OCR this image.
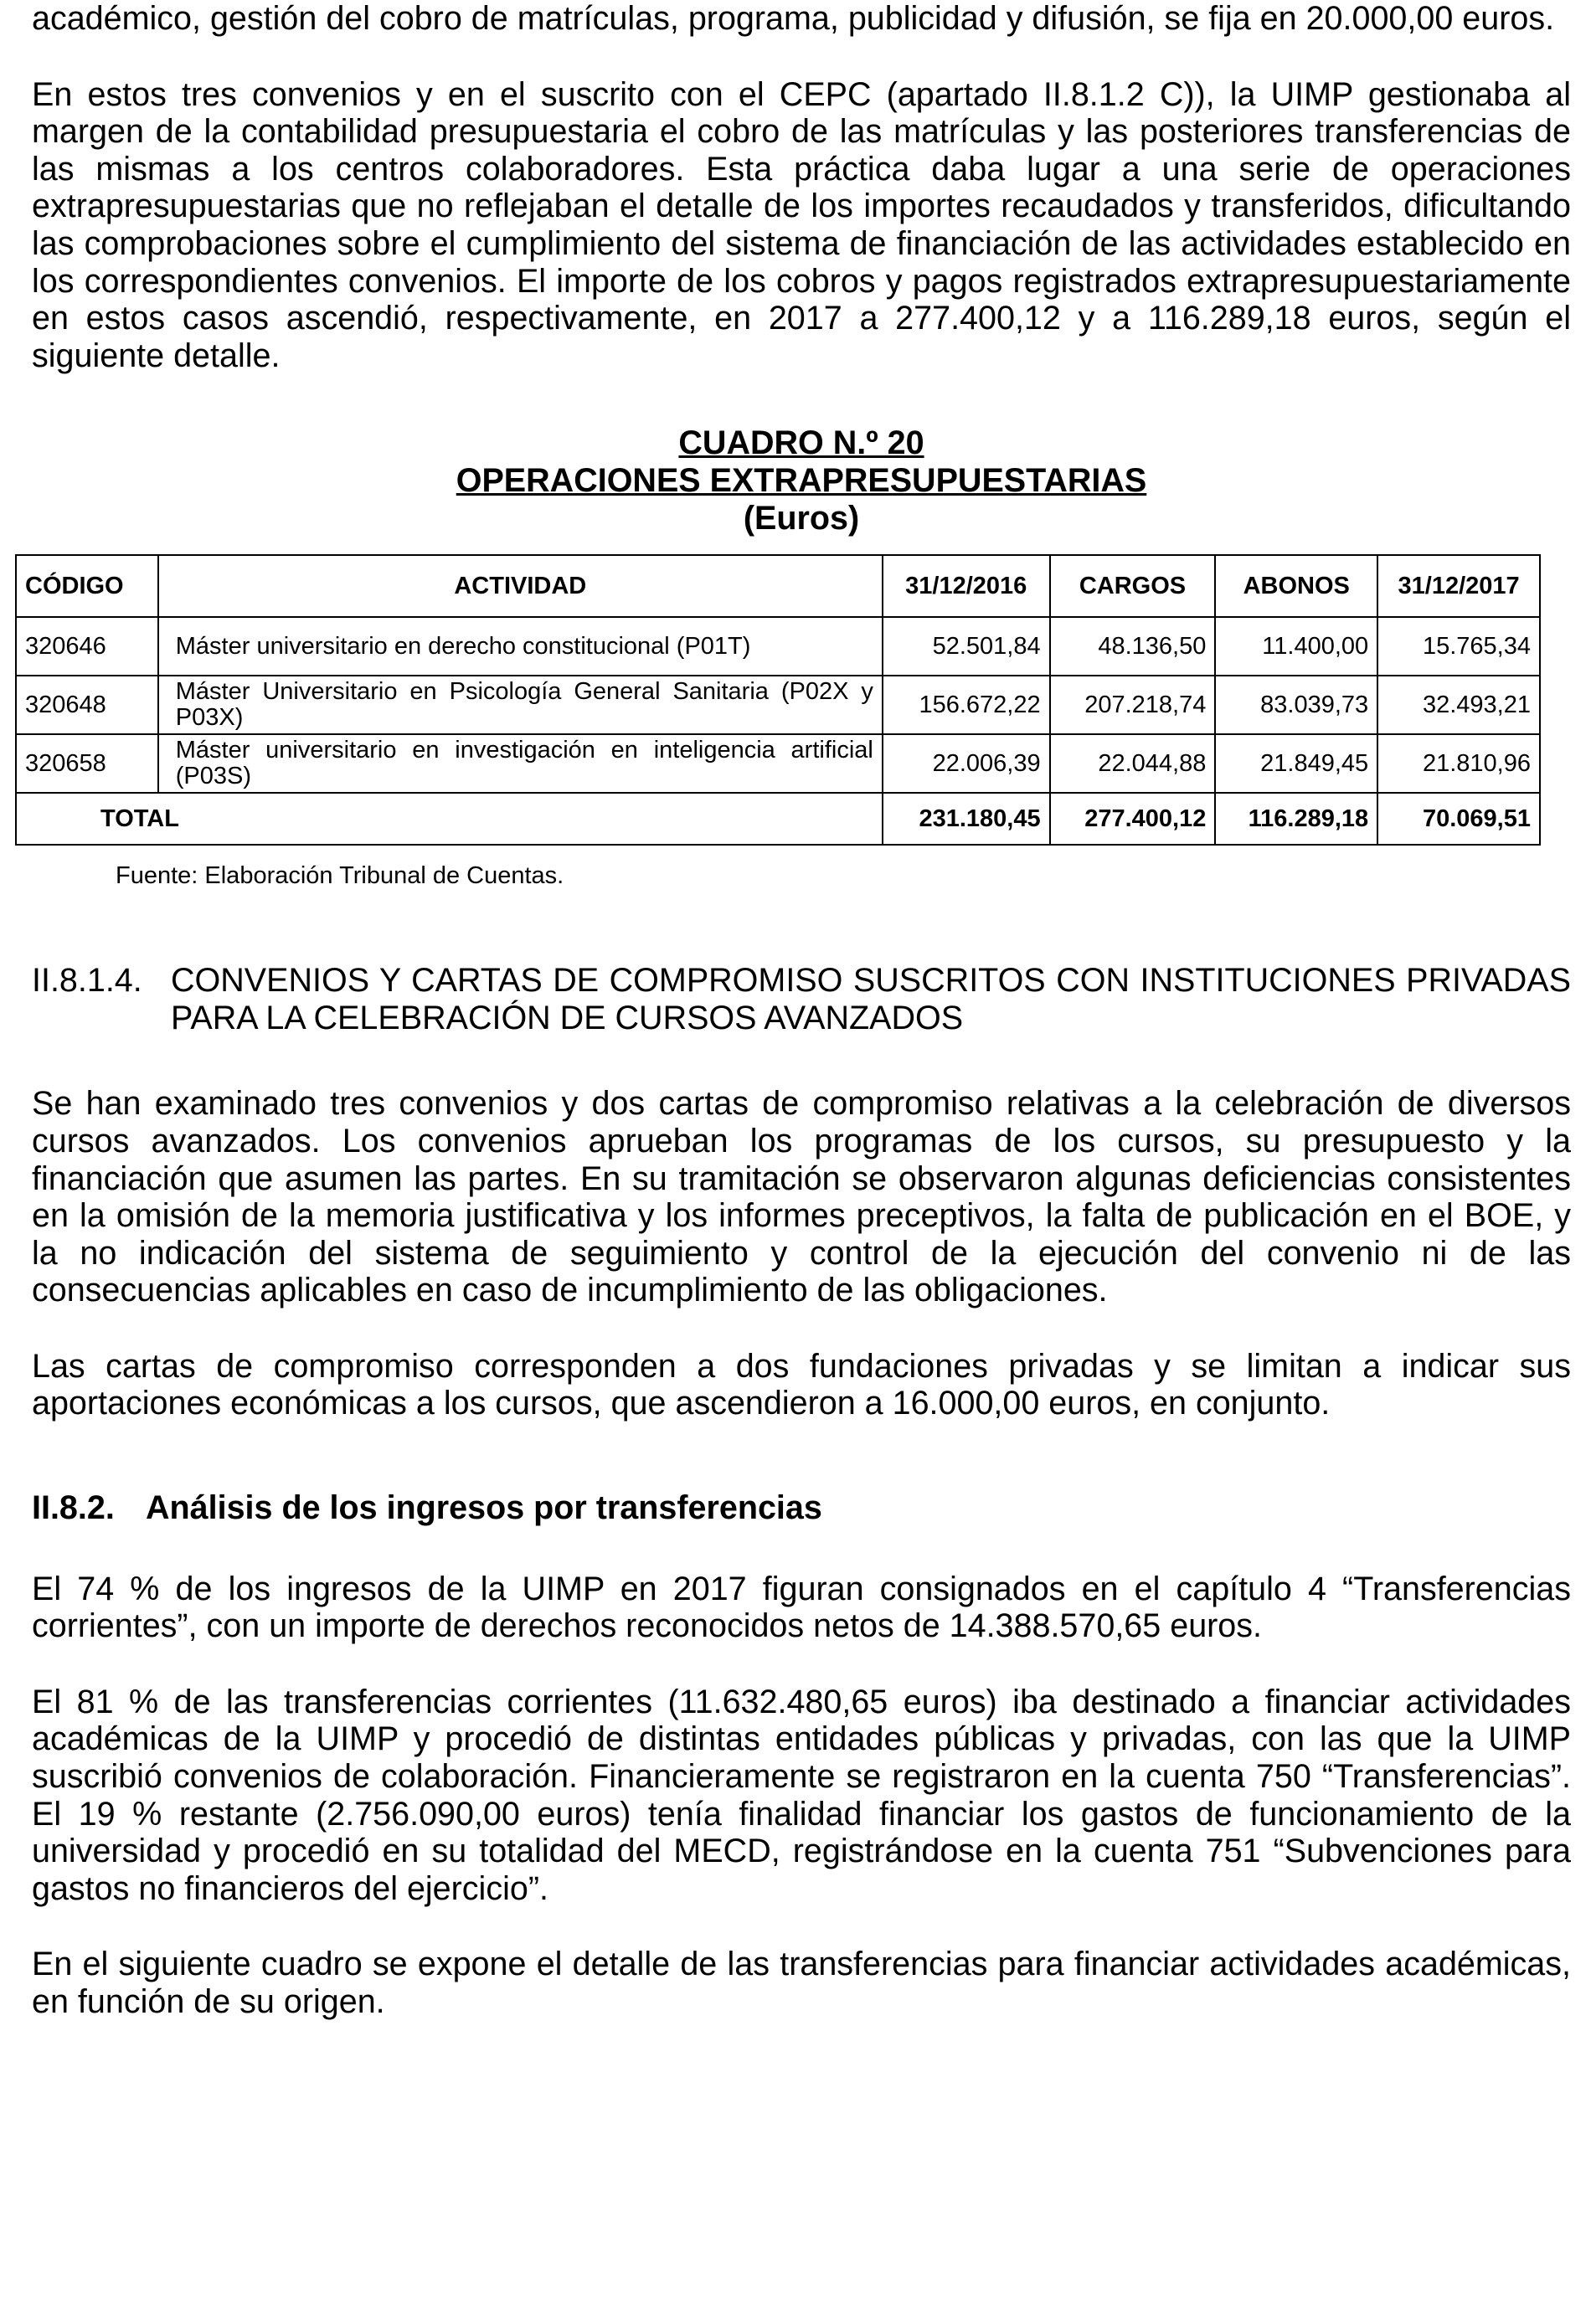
académico, gestión del cobro de matrículas, programa, publicidad y difusión, se fija en 20.000,00 euros.

En estos tres convenios y en el suscrito con el CEPC (apartado II.8.1.2 C)), la UIMP gestionaba al margen de la contabilidad presupuestaria el cobro de las matrículas y las posteriores transferencias de las mismas a los centros colaboradores. Esta práctica daba lugar a una serie de operaciones extrapresupuestarias que no reflejaban el detalle de los importes recaudados y transferidos, dificultando las comprobaciones sobre el cumplimiento del sistema de financiación de las actividades establecido en los correspondientes convenios. El importe de los cobros y pagos registrados extrapresupuestariamente en estos casos ascendió, respectivamente, en 2017 a 277.400,12 y a 116.289,18 euros, según el siguiente detalle.

CUADRO N.º 20

OPERACIONES EXTRAPRESUPUESTARIAS

(Euros)

CÓDIGO	ACTIVIDAD	31/12/2016	CARGOS	ABONOS	31/12/2017
320646	Máster universitario en derecho constitucional (P01T)	52.501,84	48.136,50	11.400,00	15.765,34
320648	Máster Universitario en Psicología General Sanitaria (P02X y P03X)	156.672,22	207.218,74	83.039,73	32.493,21
320658	Máster universitario en investigación en inteligencia artificial (P03S)	22.006,39	22.044,88	21.849,45	21.810,96
TOTAL		231.180,45	277.400,12	116.289,18	70.069,51

Fuente: Elaboración Tribunal de Cuentas.

II.8.1.4. CONVENIOS Y CARTAS DE COMPROMISO SUSCRITOS CON INSTITUCIONES PRIVADAS PARA LA CELEBRACIÓN DE CURSOS AVANZADOS

Se han examinado tres convenios y dos cartas de compromiso relativas a la celebración de diversos cursos avanzados. Los convenios aprueban los programas de los cursos, su presupuesto y la financiación que asumen las partes. En su tramitación se observaron algunas deficiencias consistentes en la omisión de la memoria justificativa y los informes preceptivos, la falta de publicación en el BOE, y la no indicación del sistema de seguimiento y control de la ejecución del convenio ni de las consecuencias aplicables en caso de incumplimiento de las obligaciones.

Las cartas de compromiso corresponden a dos fundaciones privadas y se limitan a indicar sus aportaciones económicas a los cursos, que ascendieron a 16.000,00 euros, en conjunto.

II.8.2. Análisis de los ingresos por transferencias

El 74 % de los ingresos de la UIMP en 2017 figuran consignados en el capítulo 4 “Transferencias corrientes”, con un importe de derechos reconocidos netos de 14.388.570,65 euros.

El 81 % de las transferencias corrientes (11.632.480,65 euros) iba destinado a financiar actividades académicas de la UIMP y procedió de distintas entidades públicas y privadas, con las que la UIMP suscribió convenios de colaboración. Financieramente se registraron en la cuenta 750 “Transferencias”. El 19 % restante (2.756.090,00 euros) tenía finalidad financiar los gastos de funcionamiento de la universidad y procedió en su totalidad del MECD, registrándose en la cuenta 751 “Subvenciones para gastos no financieros del ejercicio”.

En el siguiente cuadro se expone el detalle de las transferencias para financiar actividades académicas, en función de su origen.
